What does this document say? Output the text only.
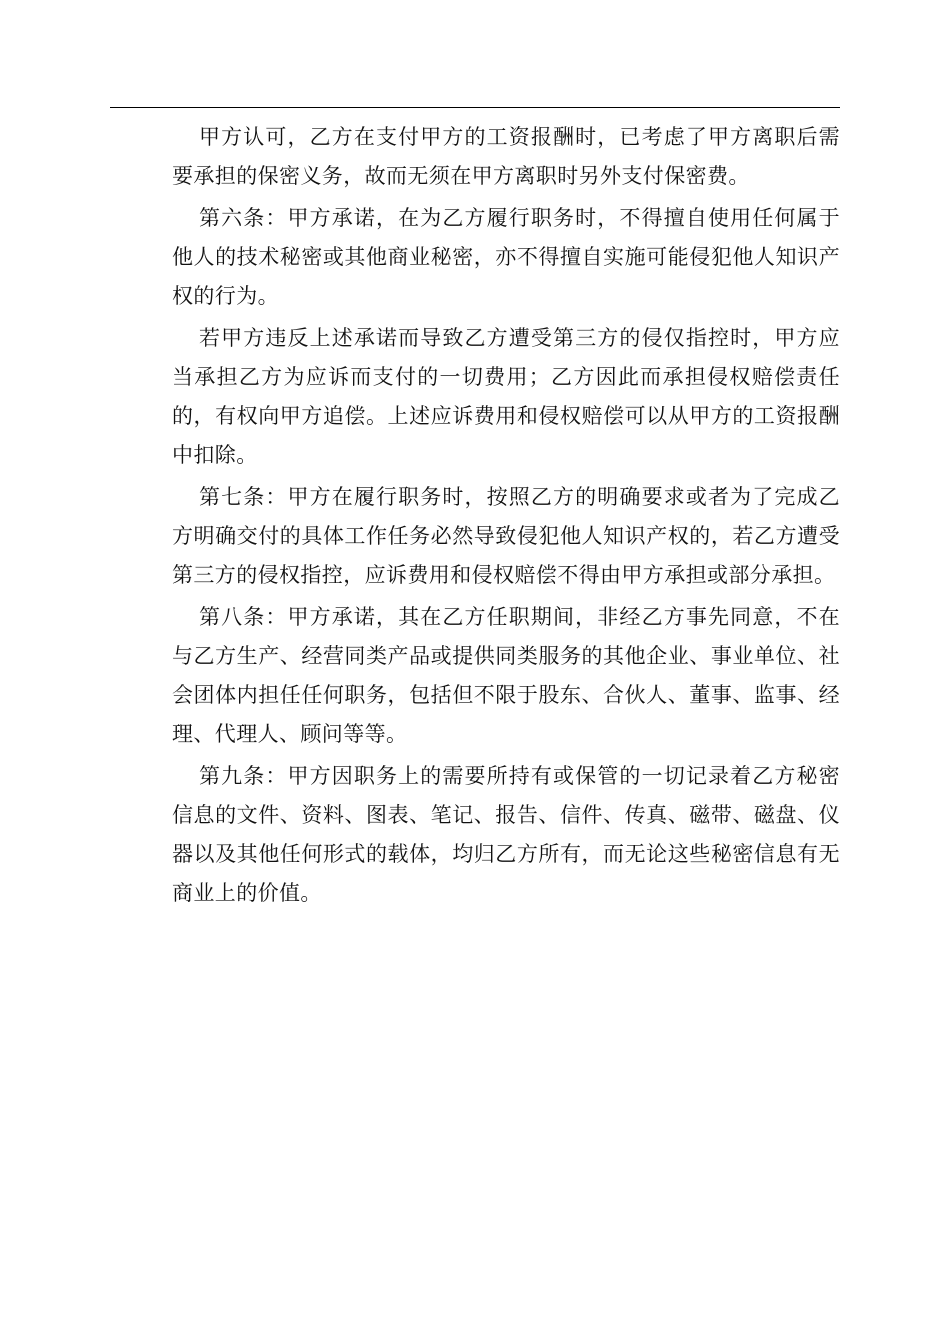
甲方认可，乙方在支付甲方的工资报酬时，已考虑了甲方离职后需要承担的保密义务，故而无须在甲方离职时另外支付保密费。

第六条：甲方承诺，在为乙方履行职务时，不得擅自使用任何属于他人的技术秘密或其他商业秘密，亦不得擅自实施可能侵犯他人知识产权的行为。

若甲方违反上述承诺而导致乙方遭受第三方的侵仅指控时，甲方应当承担乙方为应诉而支付的一切费用；乙方因此而承担侵权赔偿责任的，有权向甲方追偿。上述应诉费用和侵权赔偿可以从甲方的工资报酬中扣除。

第七条：甲方在履行职务时，按照乙方的明确要求或者为了完成乙方明确交付的具体工作任务必然导致侵犯他人知识产权的，若乙方遭受第三方的侵权指控，应诉费用和侵权赔偿不得由甲方承担或部分承担。

第八条：甲方承诺，其在乙方任职期间，非经乙方事先同意，不在与乙方生产、经营同类产品或提供同类服务的其他企业、事业单位、社会团体内担任任何职务，包括但不限于股东、合伙人、董事、监事、经理、代理人、顾问等等。

第九条：甲方因职务上的需要所持有或保管的一切记录着乙方秘密信息的文件、资料、图表、笔记、报告、信件、传真、磁带、磁盘、仪器以及其他任何形式的载体，均归乙方所有，而无论这些秘密信息有无商业上的价值。
